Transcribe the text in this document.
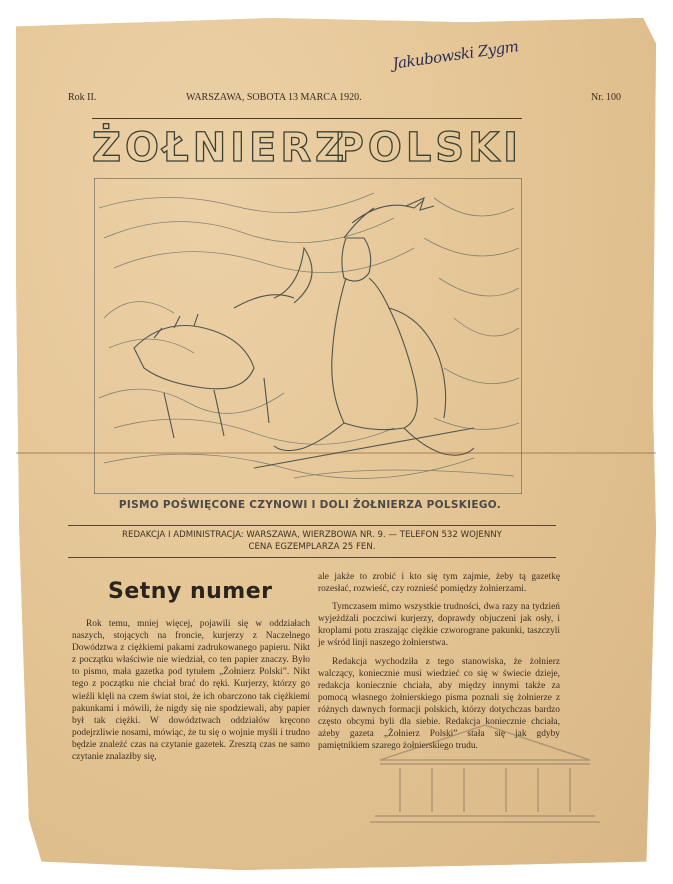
Jakubowski Zygm
Rok II.	WARSZAWA, SOBOTA 13 MARCA 1920.	Nr. 100
ŻOŁNIERZ
POLSKI
PISMO POŚWIĘCONE CZYNOWI I DOLI ŻOŁNIERZA POLSKIEGO.
REDAKCJA I ADMINISTRACJA: WARSZAWA, WIERZBOWA NR. 9. — TELEFON 532 WOJENNY
CENA EGZEMPLARZA 25 FEN.
Setny numer

Rok temu, mniej więcej, pojawili się w oddziałach naszych, stojących na froncie, kurjerzy z Naczelnego Dowództwa z ciężkiemi pakami zadrukowanego papieru. Nikt z początku właściwie nie wiedział, co ten papier znaczy. Było to pismo, mała gazetka pod tytułem „Żołnierz Polski”. Nikt tego z początku nie chciał brać do ręki. Kurjerzy, którzy go wieźli klęli na czem świat stoi, że ich obarczono tak ciężkiemi pakunkami i mówili, że nigdy się nie spodziewali, aby papier był tak ciężki. W dowództwach oddziałów kręcono podejrzliwie nosami, mówiąc, że tu się o wojnie myśli i trudno będzie znaleźć czas na czytanie gazetek. Zresztą czas ne samo czytanie znalazłby się,

ale jakże to zrobić i kto się tym zajmie, żeby tą gazetkę rozesłać, rozwieść, czy roznieść pomiędzy żołnierzami.

Tymczasem mimo wszystkie trudności, dwa razy na tydzień wyjeżdżali poczciwi kurjerzy, doprawdy objuczeni jak osły, i kroplami potu zraszając ciężkie czworograne pakunki, taszczyli je wśród linji naszego żołnierstwa.

Redakcja wychodziła z tego stanowiska, że żołnierz walczący, koniecznie musi wiedzieć co się w świecie dzieje, redakcja koniecznie chciała, aby między innymi także za pomocą własnego żołnierskiego pisma poznali się żołnierze z różnych dawnych formacji polskich, którzy dotychczas bardzo często obcymi byli dla siebie. Redakcja koniecznie chciała, ażeby gazeta „Żołnierz Polski” stała się jak gdyby pamiętnikiem szarego żołnierskiego trudu.
